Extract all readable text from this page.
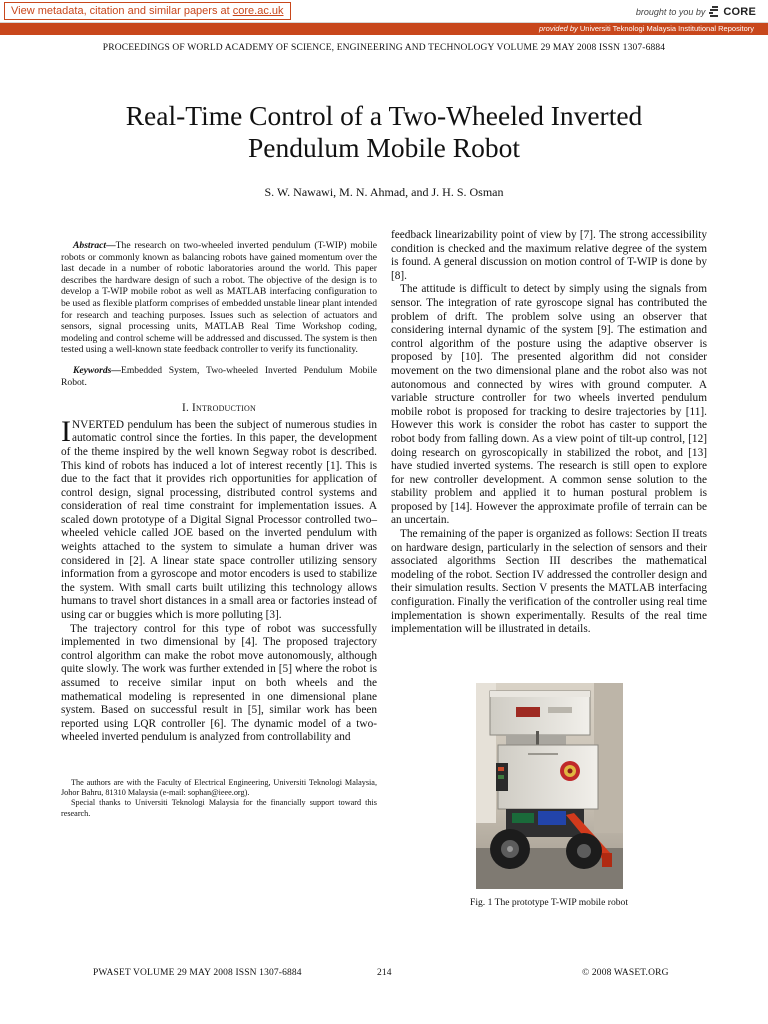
View metadata, citation and similar papers at core.ac.uk	brought to you by CORE
provided by Universiti Teknologi Malaysia Institutional Repository
PROCEEDINGS OF WORLD ACADEMY OF SCIENCE, ENGINEERING AND TECHNOLOGY VOLUME 29 MAY 2008 ISSN 1307-6884
Real-Time Control of a Two-Wheeled Inverted
Pendulum Mobile Robot
S. W. Nawawi, M. N. Ahmad, and J. H. S. Osman

Abstract—The research on two-wheeled inverted pendulum (T-WIP) mobile robots or commonly known as balancing robots have gained momentum over the last decade in a number of robotic laboratories around the world. This paper describes the hardware design of such a robot. The objective of the design is to develop a T-WIP mobile robot as well as MATLAB interfacing configuration to be used as flexible platform comprises of embedded unstable linear plant intended for research and teaching purposes. Issues such as selection of actuators and sensors, signal processing units, MATLAB Real Time Workshop coding, modeling and control scheme will be addressed and discussed. The system is then tested using a well-known state feedback controller to verify its functionality.

Keywords—Embedded System, Two-wheeled Inverted Pendulum Mobile Robot.

I. Introduction

INVERTED pendulum has been the subject of numerous studies in automatic control since the forties. In this paper, the development of the theme inspired by the well known Segway robot is described. This kind of robots has induced a lot of interest recently [1]. This is due to the fact that it provides rich opportunities for application of control design, signal processing, distributed control systems and consideration of real time constraint for implementation issues. A scaled down prototype of a Digital Signal Processor controlled two–wheeled vehicle called JOE based on the inverted pendulum with weights attached to the system to simulate a human driver was considered in [2]. A linear state space controller utilizing sensory information from a gyroscope and motor encoders is used to stabilize the system. With small carts built utilizing this technology allows humans to travel short distances in a small area or factories instead of using car or buggies which is more polluting [3].

The trajectory control for this type of robot was successfully implemented in two dimensional by [4]. The proposed trajectory control algorithm can make the robot move autonomously, although quite slowly. The work was further extended in [5] where the robot is assumed to receive similar input on both wheels and the mathematical modeling is represented in one dimensional plane system. Based on successful result in [5], similar work has been reported using LQR controller [6]. The dynamic model of a two-wheeled inverted pendulum is analyzed from controllability and

The authors are with the Faculty of Electrical Engineering, Universiti Teknologi Malaysia, Johor Bahru, 81310 Malaysia (e-mail: sophan@ieee.org).

Special thanks to Universiti Teknologi Malaysia for the financially support toward this research.

feedback linearizability point of view by [7]. The strong accessibility condition is checked and the maximum relative degree of the system is found. A general discussion on motion control of T-WIP is done by [8].

The attitude is difficult to detect by simply using the signals from sensor. The integration of rate gyroscope signal has contributed the problem of drift. The problem solve using an observer that considering internal dynamic of the system [9]. The estimation and control algorithm of the posture using the adaptive observer is proposed by [10]. The presented algorithm did not consider movement on the two dimensional plane and the robot also was not autonomous and connected by wires with ground computer. A variable structure controller for two wheels inverted pendulum mobile robot is proposed for tracking to desire trajectories by [11]. However this work is consider the robot has caster to support the robot body from falling down. As a view point of tilt-up control, [12] doing research on gyroscopically in stabilized the robot, and [13] have studied inverted systems. The research is still open to explore for new controller development. A common sense solution to the stability problem and applied it to human postural problem is proposed by [14]. However the approximate profile of terrain can be an uncertain.

The remaining of the paper is organized as follows: Section II treats on hardware design, particularly in the selection of sensors and their associated algorithms Section III describes the mathematical modeling of the robot. Section IV addressed the controller design and their simulation results. Section V presents the MATLAB interfacing configuration. Finally the verification of the controller using real time implementation is shown experimentally. Results of the real time implementation will be illustrated in details.

Fig. 1 The prototype T-WIP mobile robot
PWASET VOLUME 29 MAY 2008 ISSN 1307-6884	214	© 2008 WASET.ORG
